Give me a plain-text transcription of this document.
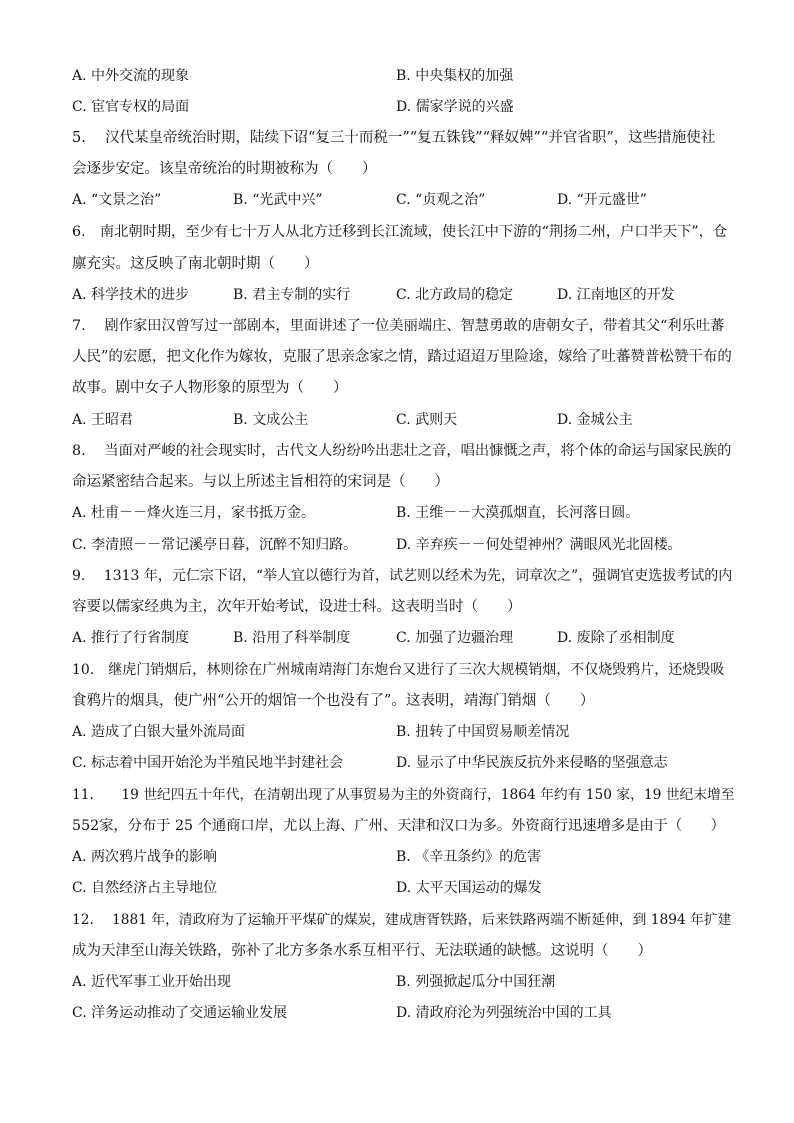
A. 中外交流的现象	B. 中央集权的加强
C. 宦官专权的局面	D. 儒家学说的兴盛
5.　 汉代某皇帝统治时期，陆续下诏“复三十而税一”“复五铢钱”“释奴婢”“并官省职”，这些措施使社
会逐步安定。该皇帝统治的时期被称为（　　）
A. “文景之治”	B. “光武中兴”	C. “贞观之治”	D. “开元盛世”
6.　南北朝时期，至少有七十万人从北方迁移到长江流域，使长江中下游的“荆扬二州，户口半天下”，仓
廪充实。这反映了南北朝时期（　　）
A. 科学技术的进步	B. 君主专制的实行	C. 北方政局的稳定	D. 江南地区的开发
7.　 剧作家田汉曾写过一部剧本，里面讲述了一位美丽端庄、智慧勇敢的唐朝女子，带着其父“利乐吐蕃
人民”的宏愿，把文化作为嫁妆，克服了思亲念家之情，踏过迢迢万里险途，嫁给了吐蕃赞普松赞干布的
故事。剧中女子人物形象的原型为（　　）
A. 王昭君	B. 文成公主	C. 武则天	D. 金城公主
8.　 当面对严峻的社会现实时，古代文人纷纷吟出悲壮之音，唱出慷慨之声，将个体的命运与国家民族的
命运紧密结合起来。与以上所述主旨相符的宋词是（　　）
A. 杜甫－－烽火连三月，家书抵万金。	B. 王维－－大漠孤烟直，长河落日圆。
C. 李清照－－常记溪亭日暮，沉醉不知归路。	D. 辛弃疾－－何处望神州？满眼风光北固楼。
9.　 1313 年，元仁宗下诏，“举人宜以德行为首，试艺则以经术为先，词章次之”，强调官吏选拔考试的内
容要以儒家经典为主，次年开始考试，设进士科。这表明当时（　　）
A. 推行了行省制度	B. 沿用了科举制度	C. 加强了边疆治理	D. 废除了丞相制度
10.　继虎门销烟后，林则徐在广州城南靖海门东炮台又进行了三次大规模销烟，不仅烧毁鸦片，还烧毁吸
食鸦片的烟具，使广州“公开的烟馆一个也没有了”。这表明，靖海门销烟（　　）
A. 造成了白银大量外流局面	B. 扭转了中国贸易顺差情况
C. 标志着中国开始沦为半殖民地半封建社会	D. 显示了中华民族反抗外来侵略的坚强意志
11.　　19 世纪四五十年代，在清朝出现了从事贸易为主的外资商行，1864 年约有 150 家，19 世纪末增至
552家，分布于 25 个通商口岸，尤以上海、广州、天津和汉口为多。外资商行迅速增多是由于（　　）
A. 两次鸦片战争的影响	B. 《辛丑条约》的危害
C. 自然经济占主导地位	D. 太平天国运动的爆发
12.　 1881 年，清政府为了运输开平煤矿的煤炭，建成唐胥铁路，后来铁路两端不断延伸，到 1894 年扩建
成为天津至山海关铁路，弥补了北方多条水系互相平行、无法联通的缺憾。这说明（　　）
A. 近代军事工业开始出现	B. 列强掀起瓜分中国狂潮
C. 洋务运动推动了交通运输业发展	D. 清政府沦为列强统治中国的工具
